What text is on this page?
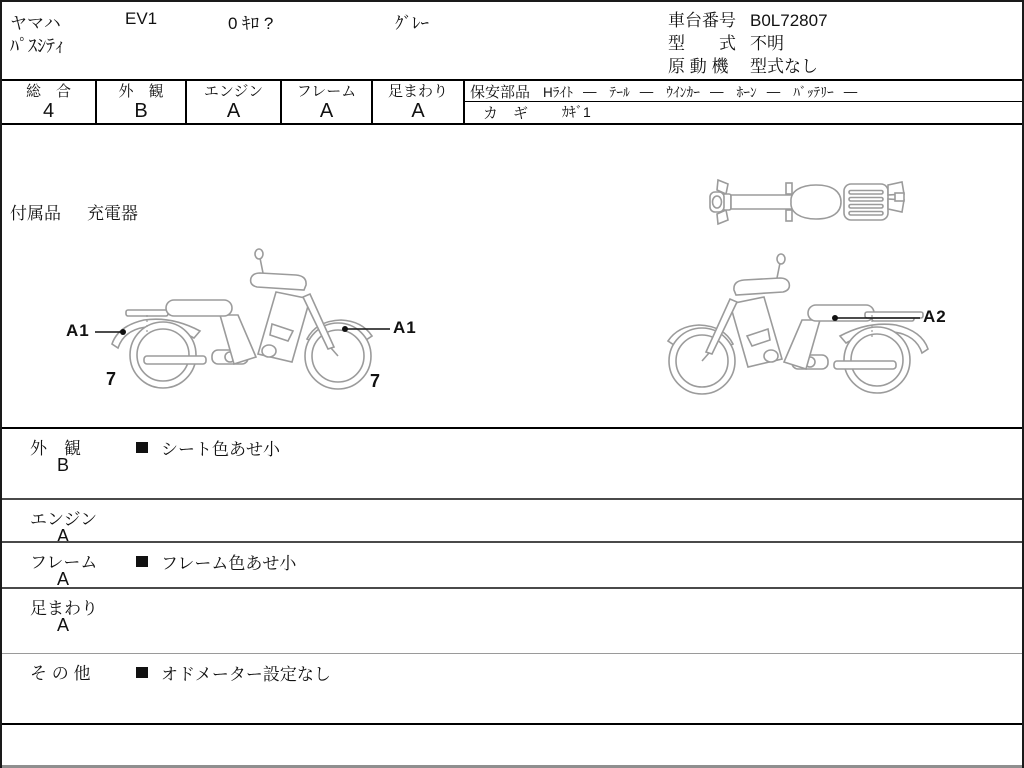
ヤマハ	EV1	0 ｷﾛ ?	ｸﾞﾚｰ
ﾊﾟｽｼﾃｨ
車台番号 B0L72807
型　　式 不明
原 動 機	型式なし
総　合
4
外　観
B
エンジン
A
フレーム
A
足まわり
A
保安部品 Hﾗｲﾄ — ﾃｰﾙ — ｳｲﾝｶｰ — ﾎｰﾝ — ﾊﾞｯﾃﾘｰ —
カ　ギ ｶｷﾞ1
付属品 充電器
A1	A1
A2
7	7
外　観
B
シート色あせ小
エンジン
A
フレーム
A
フレーム色あせ小
足まわり
A
そ の 他	オドメーター設定なし
